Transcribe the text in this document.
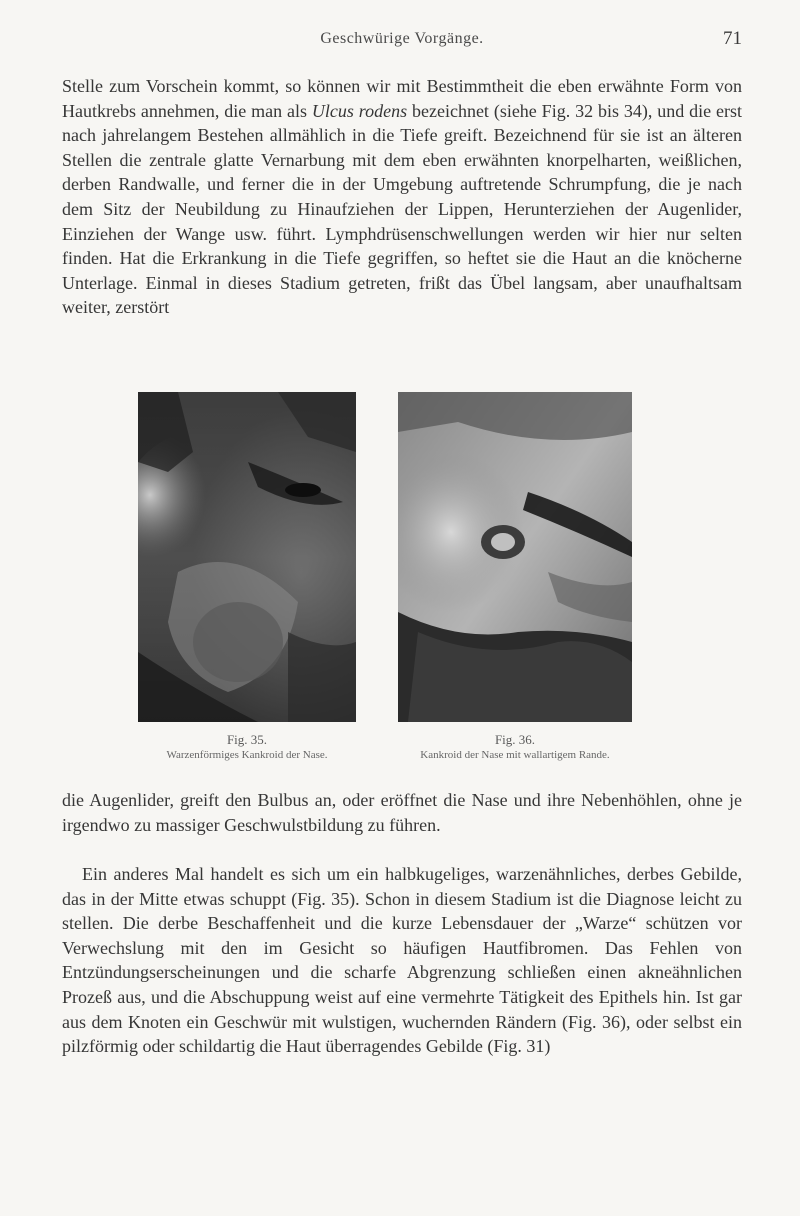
Geschwürige Vorgänge.	71

Stelle zum Vorschein kommt, so können wir mit Bestimmtheit die eben erwähnte Form von Hautkrebs annehmen, die man als Ulcus rodens bezeichnet (siehe Fig. 32 bis 34), und die erst nach jahrelangem Bestehen allmählich in die Tiefe greift. Bezeichnend für sie ist an älteren Stellen die zentrale glatte Vernarbung mit dem eben erwähnten knorpelharten, weißlichen, derben Randwalle, und ferner die in der Umgebung auftretende Schrumpfung, die je nach dem Sitz der Neubildung zu Hinaufziehen der Lippen, Herunterziehen der Augenlider, Einziehen der Wange usw. führt. Lymphdrüsenschwellungen werden wir hier nur selten finden. Hat die Erkrankung in die Tiefe gegriffen, so heftet sie die Haut an die knöcherne Unterlage. Einmal in dieses Stadium getreten, frißt das Übel langsam, aber unaufhaltsam weiter, zerstört

Fig. 35.
Warzenförmiges Kankroid der Nase.
Fig. 36.
Kankroid der Nase mit wallartigem Rande.

die Augenlider, greift den Bulbus an, oder eröffnet die Nase und ihre Nebenhöhlen, ohne je irgendwo zu massiger Geschwulstbildung zu führen.

Ein anderes Mal handelt es sich um ein halbkugeliges, warzenähnliches, derbes Gebilde, das in der Mitte etwas schuppt (Fig. 35). Schon in diesem Stadium ist die Diagnose leicht zu stellen. Die derbe Beschaffenheit und die kurze Lebensdauer der „Warze“ schützen vor Verwechslung mit den im Gesicht so häufigen Hautfibromen. Das Fehlen von Entzündungserscheinungen und die scharfe Abgrenzung schließen einen akneähnlichen Prozeß aus, und die Abschuppung weist auf eine vermehrte Tätigkeit des Epithels hin. Ist gar aus dem Knoten ein Geschwür mit wulstigen, wuchernden Rändern (Fig. 36), oder selbst ein pilzförmig oder schildartig die Haut überragendes Gebilde (Fig. 31)
